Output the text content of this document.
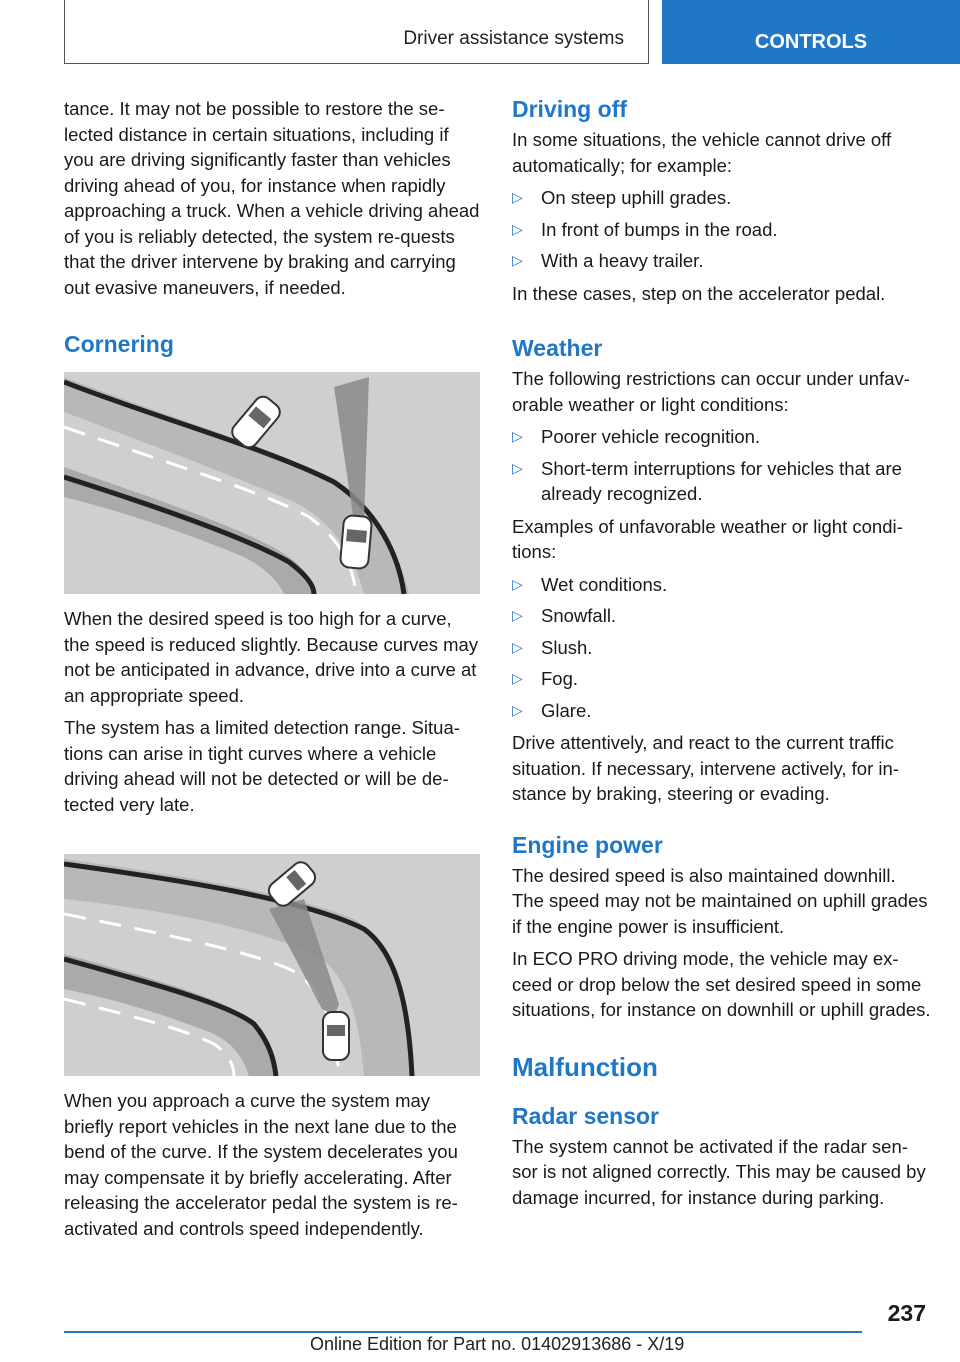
Driver assistance systems	CONTROLS

tance. It may not be possible to restore the se-lected distance in certain situations, including if you are driving significantly faster than vehicles driving ahead of you, for instance when rapidly approaching a truck. When a vehicle driving ahead of you is reliably detected, the system re-quests that the driver intervene by braking and carrying out evasive maneuvers, if needed.

Cornering

When the desired speed is too high for a curve, the speed is reduced slightly. Because curves may not be anticipated in advance, drive into a curve at an appropriate speed.

The system has a limited detection range. Situa-tions can arise in tight curves where a vehicle driving ahead will not be detected or will be de-tected very late.

When you approach a curve the system may briefly report vehicles in the next lane due to the bend of the curve. If the system decelerates you may compensate it by briefly accelerating. After releasing the accelerator pedal the system is re-activated and controls speed independently.

Driving off

In some situations, the vehicle cannot drive off automatically; for example:

▷ On steep uphill grades.
▷ In front of bumps in the road.
▷ With a heavy trailer.

In these cases, step on the accelerator pedal.

Weather

The following restrictions can occur under unfav-orable weather or light conditions:

▷ Poorer vehicle recognition.
▷ Short-term interruptions for vehicles that are already recognized.

Examples of unfavorable weather or light condi-tions:

▷ Wet conditions.
▷ Snowfall.
▷ Slush.
▷ Fog.
▷ Glare.

Drive attentively, and react to the current traffic situation. If necessary, intervene actively, for in-stance by braking, steering or evading.

Engine power

The desired speed is also maintained downhill. The speed may not be maintained on uphill grades if the engine power is insufficient.

In ECO PRO driving mode, the vehicle may ex-ceed or drop below the set desired speed in some situations, for instance on downhill or uphill grades.

Malfunction
Radar sensor

The system cannot be activated if the radar sen-sor is not aligned correctly. This may be caused by damage incurred, for instance during parking.

237
Online Edition for Part no. 01402913686 - X/19
